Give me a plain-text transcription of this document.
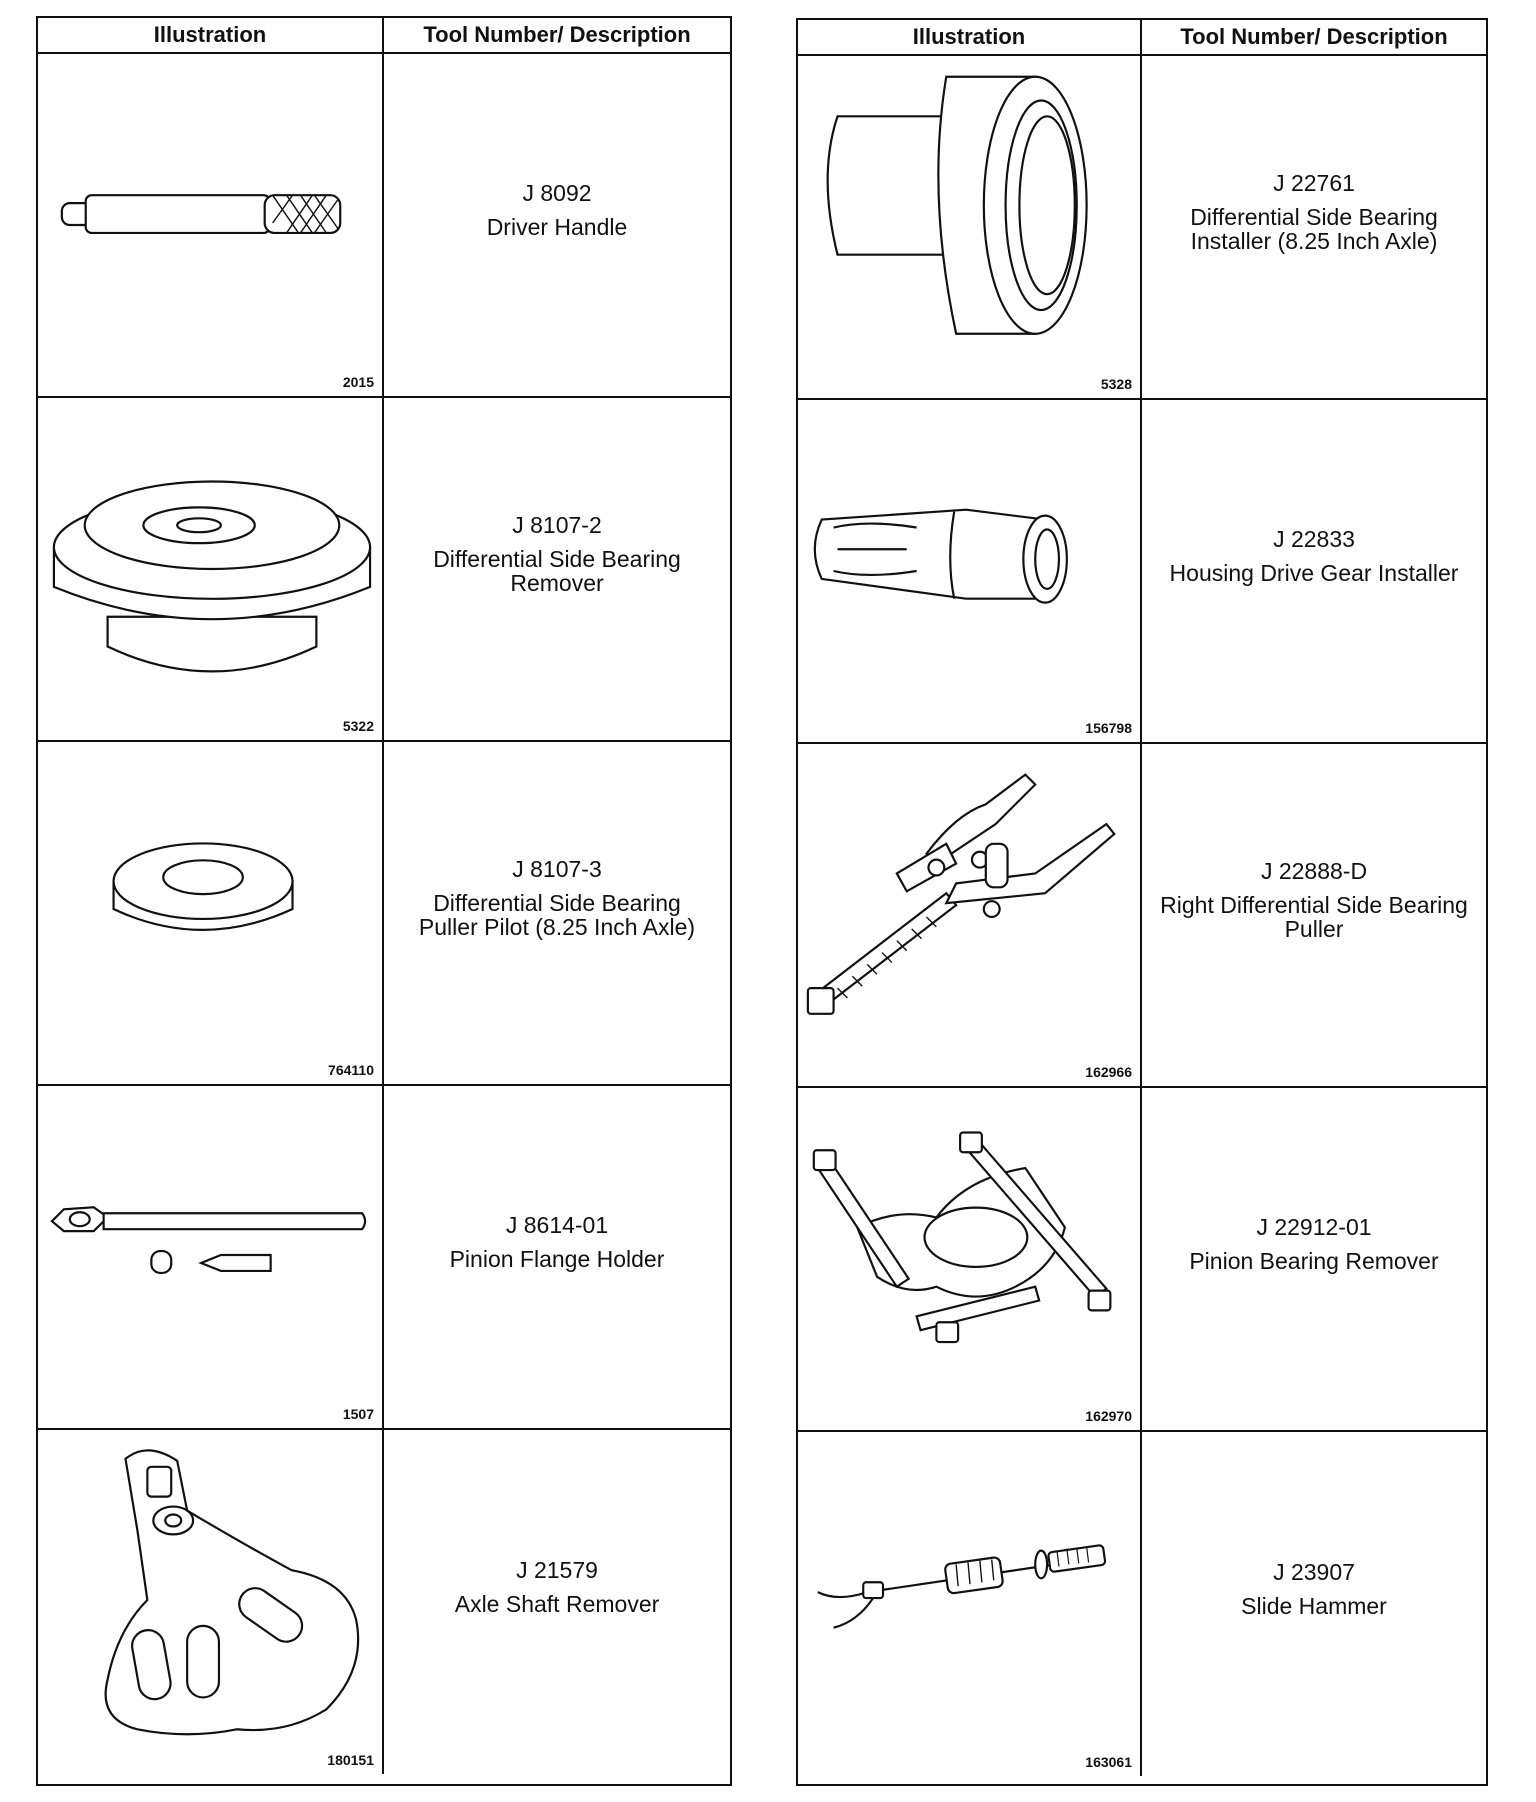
Illustration	Tool Number/ Description
2015
J 8092
Driver Handle
5322
J 8107-2
Differential Side Bearing Remover
764110
J 8107-3
Differential Side Bearing Puller Pilot (8.25 Inch Axle)
1507
J 8614-01
Pinion Flange Holder
180151
J 21579
Axle Shaft Remover
Illustration	Tool Number/ Description
5328
J 22761
Differential Side Bearing Installer (8.25 Inch Axle)
156798
J 22833
Housing Drive Gear Installer
162966
J 22888-D
Right Differential Side Bearing Puller
162970
J 22912-01
Pinion Bearing Remover
163061
J 23907
Slide Hammer
